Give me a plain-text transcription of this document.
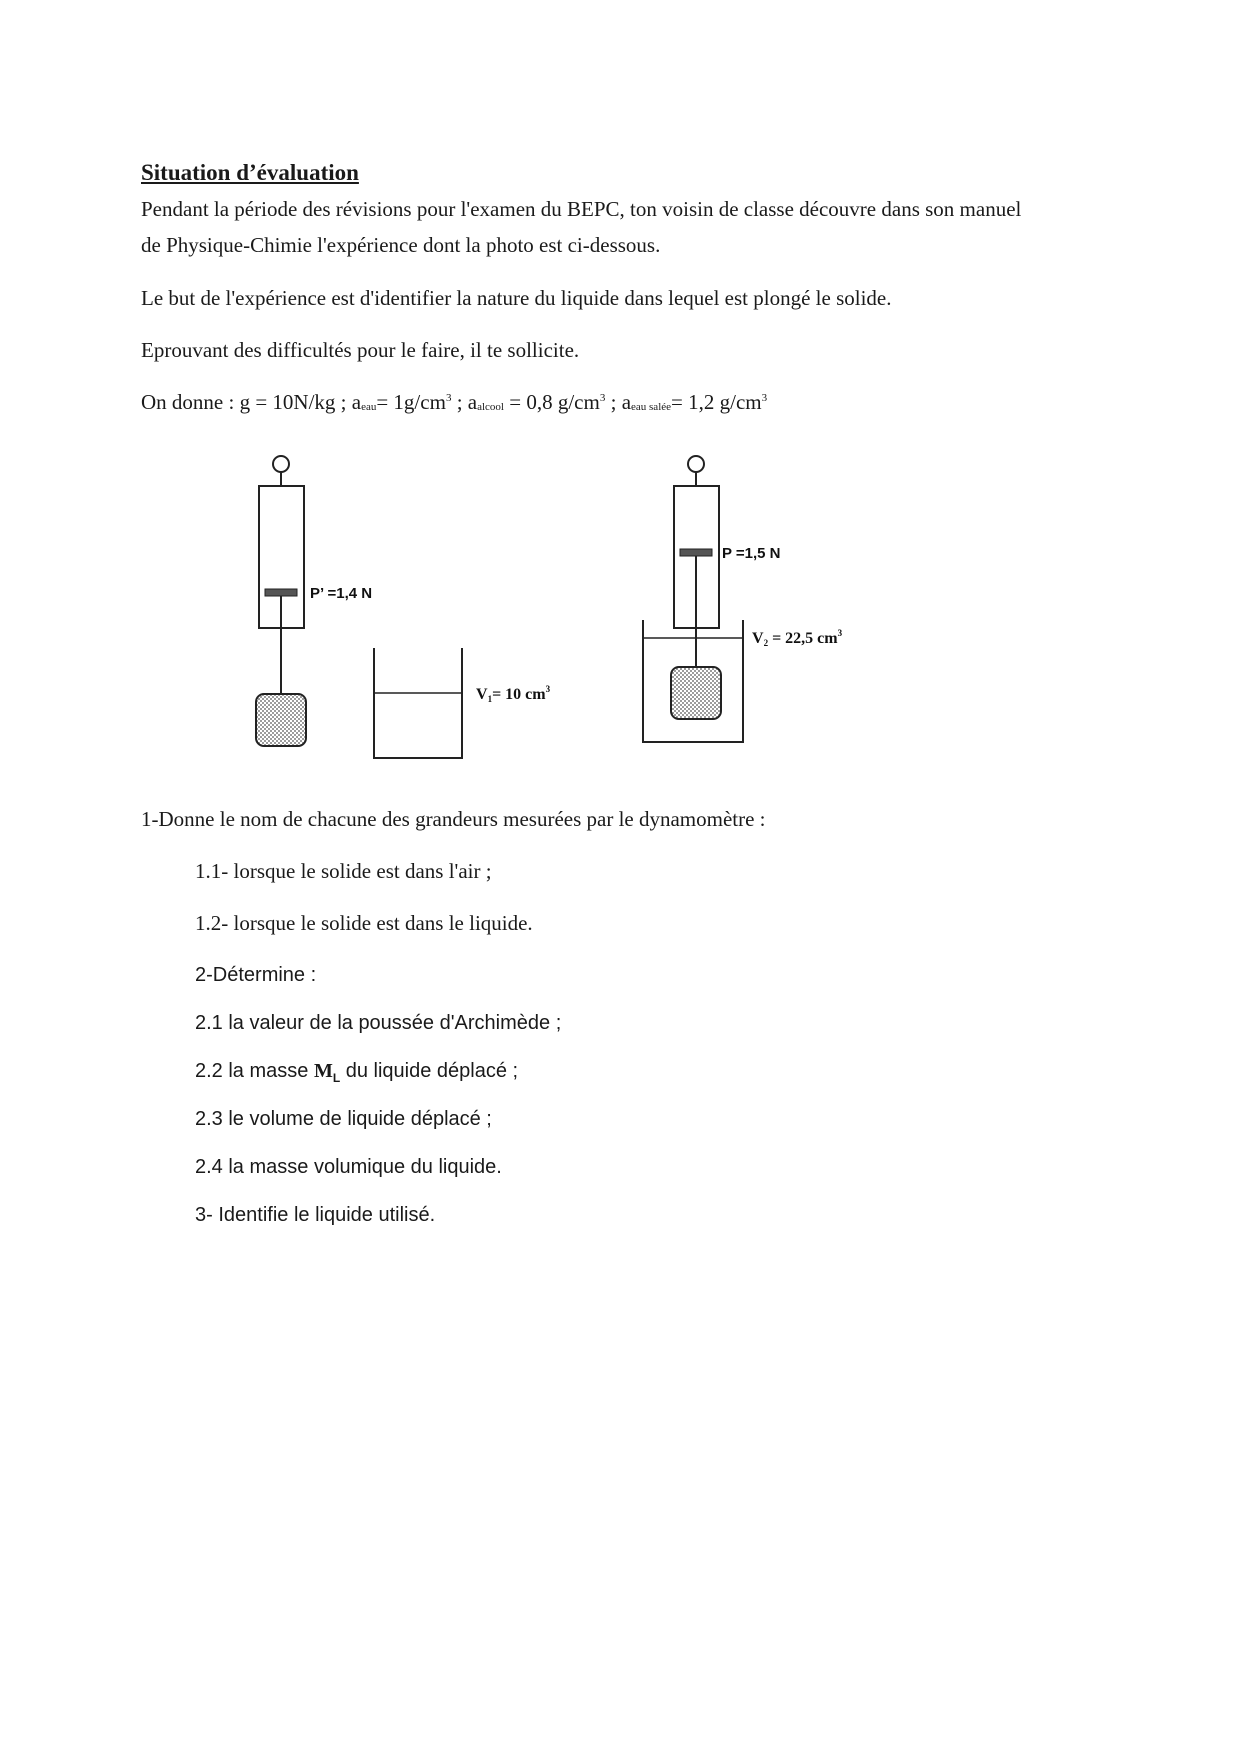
Situation d’évaluation
Pendant la période des révisions pour l'examen du BEPC, ton voisin de classe découvre dans son manuel
de Physique-Chimie l'expérience dont la photo est ci-dessous.
Le but de l'expérience est d'identifier la nature du liquide dans lequel est plongé le solide.
Eprouvant des difficultés pour le faire, il te sollicite.
On donne : g = 10N/kg ; $a_{eau}= 1g/cm^3$ ; $a_{alcool} = 0,8$ $g/cm^3$ ; $a_{eau salée}= 1,2$ $g/cm^3$
P’ =1,4 N
V1= 10 $cm^3$
P =1,5 N
V2 = 22,5 $cm^3$
1-Donne le nom de chacune des grandeurs mesurées par le dynamomètre :
1.1- lorsque le solide est dans l'air ;
1.2- lorsque le solide est dans le liquide.
2-Détermine :
2.1 la valeur de la poussée d'Archimède ;
2.2 la masse $M_L$ du liquide déplacé ;
2.3 le volume de liquide déplacé ;
2.4 la masse volumique du liquide.
3- Identifie le liquide utilisé.
